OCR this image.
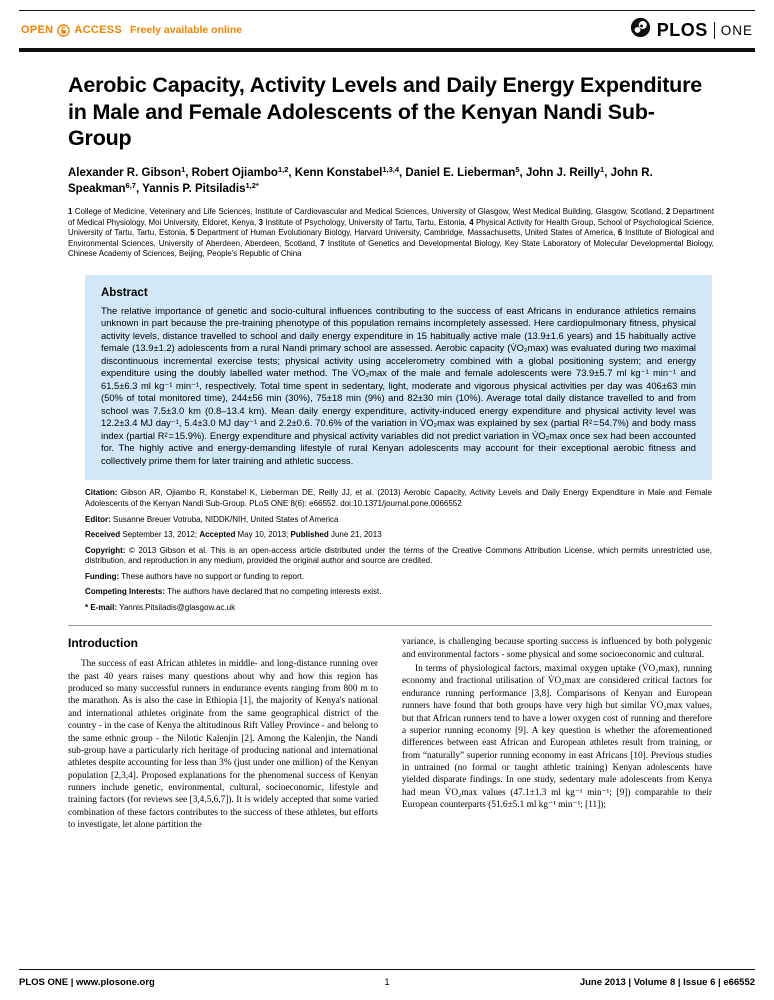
OPEN ACCESS Freely available online	PLOS ONE
Aerobic Capacity, Activity Levels and Daily Energy Expenditure in Male and Female Adolescents of the Kenyan Nandi Sub-Group

Alexander R. Gibson$^1$, Robert Ojiambo$^{1,2}$, Kenn Konstabel$^{1,3,4}$, Daniel E. Lieberman$^5$, John J. Reilly$^1$, John R. Speakman$^{6,7}$, Yannis P. Pitsiladis$^{1,2*}$

1 College of Medicine, Veterinary and Life Sciences, Institute of Cardiovascular and Medical Sciences, University of Glasgow, West Medical Building, Glasgow, Scotland, 2 Department of Medical Physiology, Moi University, Eldoret, Kenya, 3 Institute of Psychology, University of Tartu, Tartu, Estonia, 4 Physical Activity for Health Group, School of Psychological Science, University of Tartu, Tartu, Estonia, 5 Department of Human Evolutionary Biology, Harvard University, Cambridge, Massachusetts, United States of America, 6 Institute of Biological and Environmental Sciences, University of Aberdeen, Aberdeen, Scotland, 7 Institute of Genetics and Developmental Biology, Key State Laboratory of Molecular Developmental Biology, Chinese Academy of Sciences, Beijing, People's Republic of China

Abstract

The relative importance of genetic and socio-cultural influences contributing to the success of east Africans in endurance athletics remains unknown in part because the pre-training phenotype of this population remains incompletely assessed. Here cardiopulmonary fitness, physical activity levels, distance travelled to school and daily energy expenditure in 15 habitually active male (13.9±1.6 years) and 15 habitually active female (13.9±1.2) adolescents from a rural Nandi primary school are assessed. Aerobic capacity (V̇O₂max) was evaluated during two maximal discontinuous incremental exercise tests; physical activity using accelerometry combined with a global positioning system; and energy expenditure using the doubly labelled water method. The V̇O₂max of the male and female adolescents were 73.9±5.7 ml kg⁻¹ min⁻¹ and 61.5±6.3 ml kg⁻¹ min⁻¹, respectively. Total time spent in sedentary, light, moderate and vigorous physical activities per day was 406±63 min (50% of total monitored time), 244±56 min (30%), 75±18 min (9%) and 82±30 min (10%). Average total daily distance travelled to and from school was 7.5±3.0 km (0.8–13.4 km). Mean daily energy expenditure, activity-induced energy expenditure and physical activity level was 12.2±3.4 MJ day⁻¹, 5.4±3.0 MJ day⁻¹ and 2.2±0.6. 70.6% of the variation in V̇O₂max was explained by sex (partial R² = 54.7%) and body mass index (partial R² = 15.9%). Energy expenditure and physical activity variables did not predict variation in V̇O₂max once sex had been accounted for. The highly active and energy-demanding lifestyle of rural Kenyan adolescents may account for their exceptional aerobic fitness and collectively prime them for later training and athletic success.

Citation: Gibson AR, Ojiambo R, Konstabel K, Lieberman DE, Reilly JJ, et al. (2013) Aerobic Capacity, Activity Levels and Daily Energy Expenditure in Male and Female Adolescents of the Kenyan Nandi Sub-Group. PLoS ONE 8(6): e66552. doi:10.1371/journal.pone.0066552

Editor: Susanne Breuer Votruba, NIDDK/NIH, United States of America

Received September 13, 2012; Accepted May 10, 2013; Published June 21, 2013

Copyright: © 2013 Gibson et al. This is an open-access article distributed under the terms of the Creative Commons Attribution License, which permits unrestricted use, distribution, and reproduction in any medium, provided the original author and source are credited.

Funding: These authors have no support or funding to report.

Competing Interests: The authors have declared that no competing interests exist.

* E-mail: Yannis.Pitsiladis@glasgow.ac.uk

Introduction

The success of east African athletes in middle- and long-distance running over the past 40 years raises many questions about why and how this region has produced so many successful runners in endurance events ranging from 800 m to the marathon. As is also the case in Ethiopia [1], the majority of Kenya's national and international athletes originate from the same geographical district of the country - in the case of Kenya the altitudinous Rift Valley Province - and belong to the same ethnic group - the Nilotic Kalenjin [2]. Among the Kalenjin, the Nandi sub-group have a particularly rich heritage of producing national and international athletes despite accounting for less than 3% (just under one million) of the Kenyan population [2,3,4]. Proposed explanations for the phenomenal success of Kenyan runners include genetic, environmental, cultural, socioeconomic, lifestyle and training factors (for reviews see [3,4,5,6,7]). It is widely accepted that some varied combination of these factors contributes to the success of these athletes, but efforts to investigate, let alone partition the

variance, is challenging because sporting success is influenced by both polygenic and environmental factors - some physical and some socioeconomic and cultural.

In terms of physiological factors, maximal oxygen uptake (V̇O₂max), running economy and fractional utilisation of V̇O₂max are considered critical factors for endurance running performance [3,8]. Comparisons of Kenyan and European runners have found that both groups have very high but similar V̇O₂max values, but that African runners tend to have a lower oxygen cost of running and therefore a superior running economy [9]. A key question is whether the aforementioned differences between east African and European athletes result from training, or from “naturally” superior running economy in east Africans [10]. Previous studies in untrained (no formal or taught athletic training) Kenyan adolescents have yielded disparate findings. In one study, sedentary male adolescents from Kenya had mean V̇O₂max values (47.1±1.3 ml kg⁻¹ min⁻¹; [9]) comparable to their European counterparts (51.6±5.1 ml kg⁻¹ min⁻¹; [11]);

PLOS ONE | www.plosone.org	1	June 2013 | Volume 8 | Issue 6 | e66552
